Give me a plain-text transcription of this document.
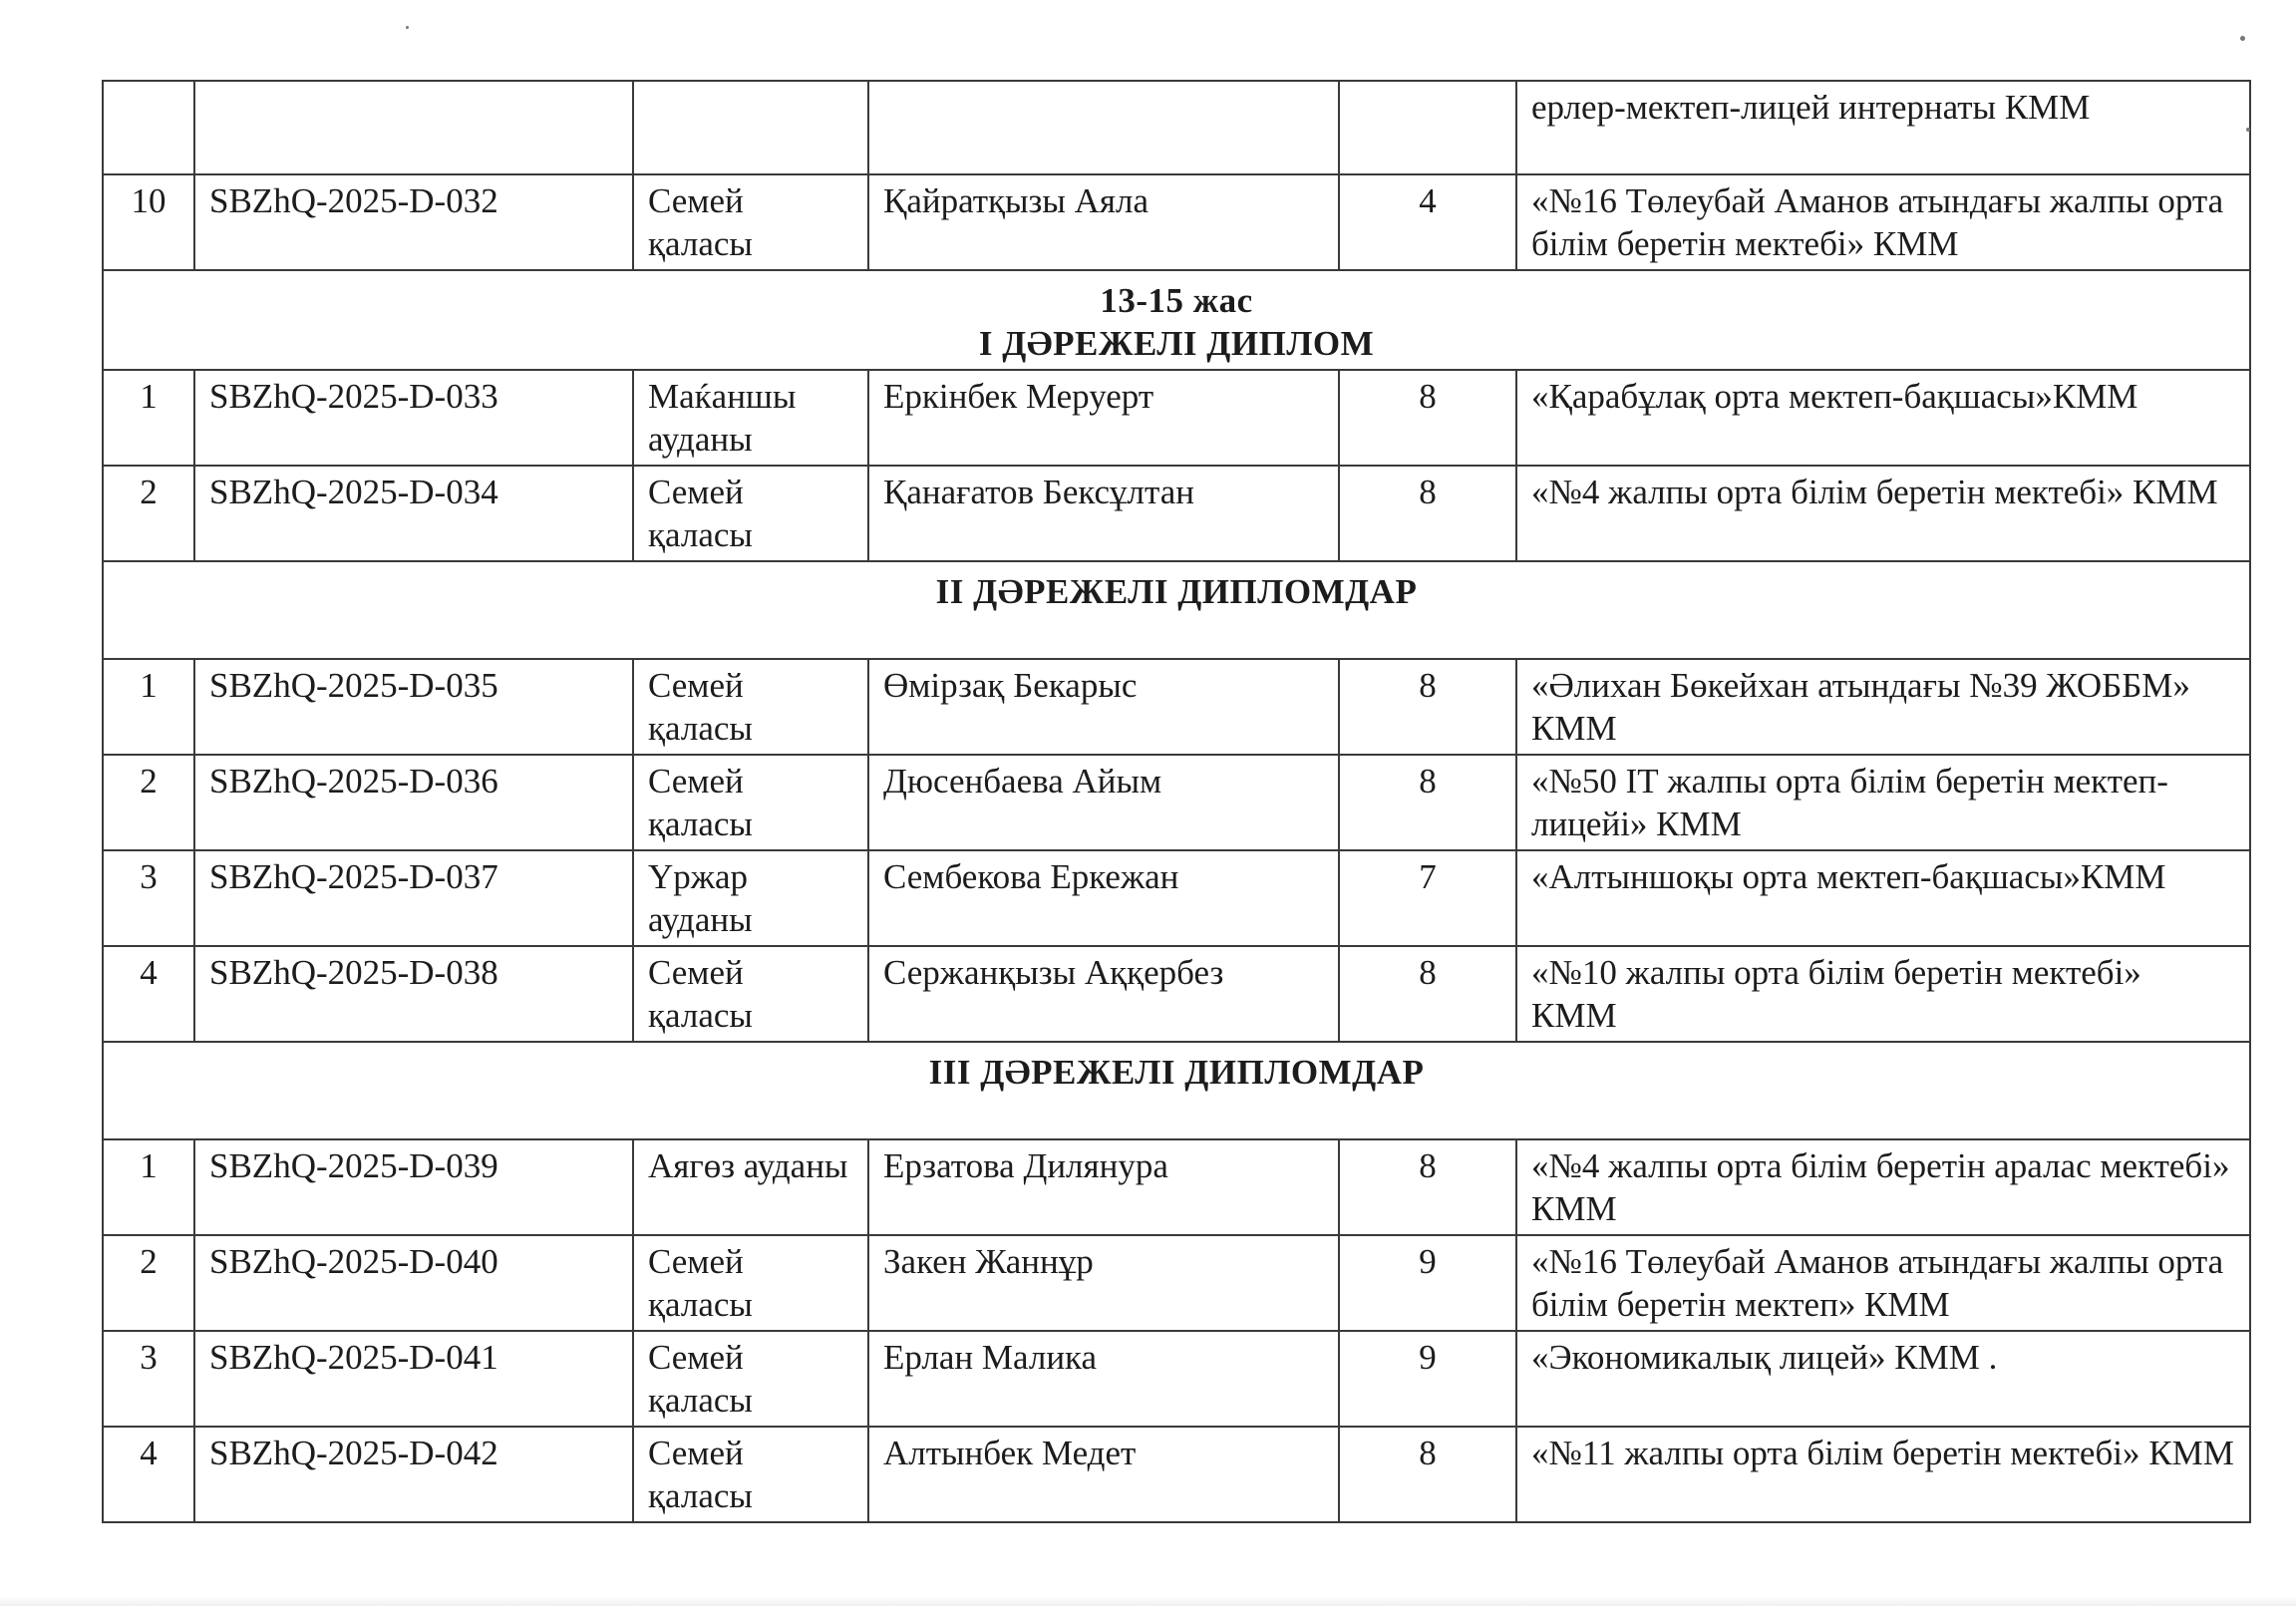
					ерлер-мектеп-лицей интернаты КММ
10	SBZhQ-2025-D-032	Семей қаласы	Қайратқызы Аяла	4	«№16 Төлеубай Аманов атындағы жалпы орта білім беретін мектебі» КММ

13-15 жас
І ДӘРЕЖЕЛІ ДИПЛОМ					

1	SBZhQ-2025-D-033	Маќаншы ауданы	Еркінбек Меруерт	8	«Қарабұлақ орта мектеп-бақшасы»КММ
2	SBZhQ-2025-D-034	Семей қаласы	Қанағатов Бексұлтан	8	«№4 жалпы орта білім беретін мектебі» КММ

ІІ ДӘРЕЖЕЛІ ДИПЛОМДАР					

1	SBZhQ-2025-D-035	Семей қаласы	Өмірзақ Бекарыс	8	«Әлихан Бөкейхан атындағы №39 ЖОББМ» КММ
2	SBZhQ-2025-D-036	Семей қаласы	Дюсенбаева Айым	8	«№50 ІТ жалпы орта білім беретін мектеп-лицейі» КММ
3	SBZhQ-2025-D-037	Үржар ауданы	Сембекова Еркежан	7	«Алтыншоқы орта мектеп-бақшасы»КММ
4	SBZhQ-2025-D-038	Семей қаласы	Сержанқызы Аққербез	8	«№10 жалпы орта білім беретін мектебі» КММ

ІІІ ДӘРЕЖЕЛІ ДИПЛОМДАР					

1	SBZhQ-2025-D-039	Аягөз ауданы	Ерзатова Дилянура	8	«№4 жалпы орта білім беретін аралас мектебі» КММ
2	SBZhQ-2025-D-040	Семей қаласы	Закен Жаннұр	9	«№16 Төлеубай Аманов атындағы жалпы орта білім беретін мектеп» КММ
3	SBZhQ-2025-D-041	Семей қаласы	Ерлан Малика	9	«Экономикалық лицей» КММ .
4	SBZhQ-2025-D-042	Семей қаласы	Алтынбек Медет	8	«№11 жалпы орта білім беретін мектебі» КММ
